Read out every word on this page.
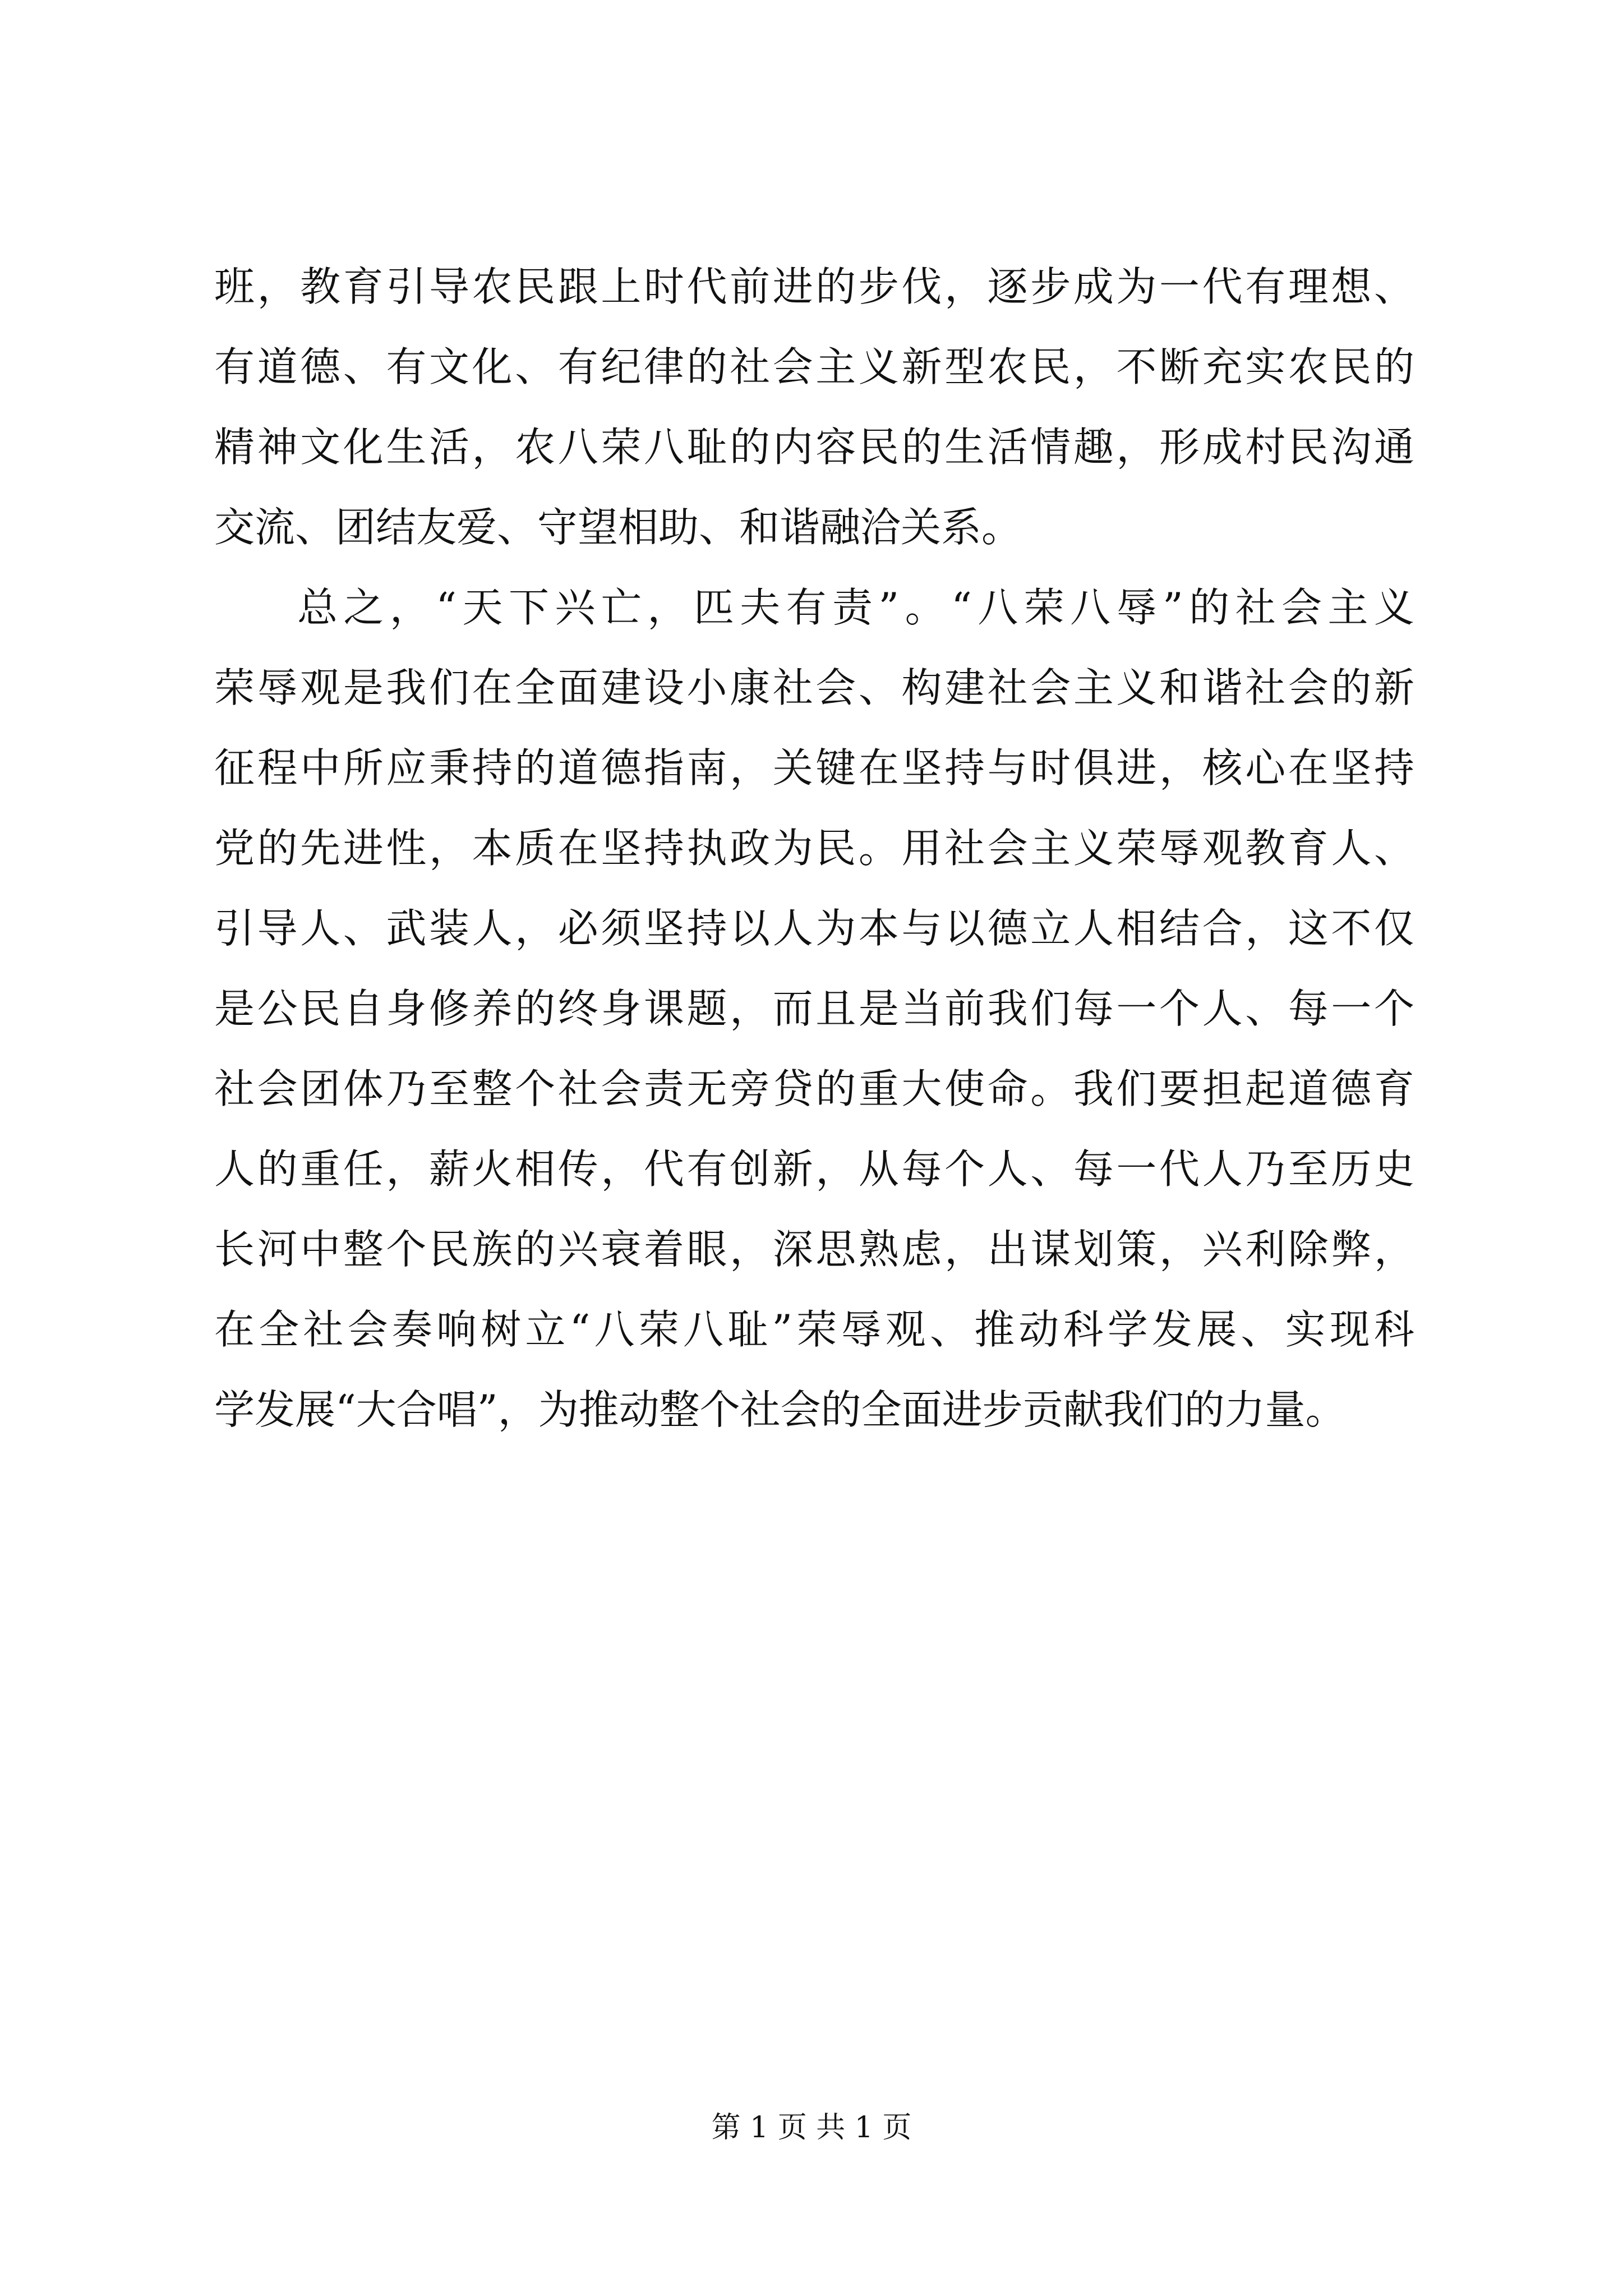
班，教育引导农民跟上时代前进的步伐，逐步成为一代有理想、
有道德、有文化、有纪律的社会主义新型农民，不断充实农民的
精神文化生活，农八荣八耻的内容民的生活情趣，形成村民沟通
交流、团结友爱、守望相助、和谐融洽关系。
总之，“天下兴亡，匹夫有责”。“八荣八辱”的社会主义
荣辱观是我们在全面建设小康社会、构建社会主义和谐社会的新
征程中所应秉持的道德指南，关键在坚持与时俱进，核心在坚持
党的先进性，本质在坚持执政为民。用社会主义荣辱观教育人、
引导人、武装人，必须坚持以人为本与以德立人相结合，这不仅
是公民自身修养的终身课题，而且是当前我们每一个人、每一个
社会团体乃至整个社会责无旁贷的重大使命。我们要担起道德育
人的重任，薪火相传，代有创新，从每个人、每一代人乃至历史
长河中整个民族的兴衰着眼，深思熟虑，出谋划策，兴利除弊，
在全社会奏响树立“八荣八耻”荣辱观、推动科学发展、实现科
学发展“大合唱”，为推动整个社会的全面进步贡献我们的力量。
第 1 页 共 1 页
